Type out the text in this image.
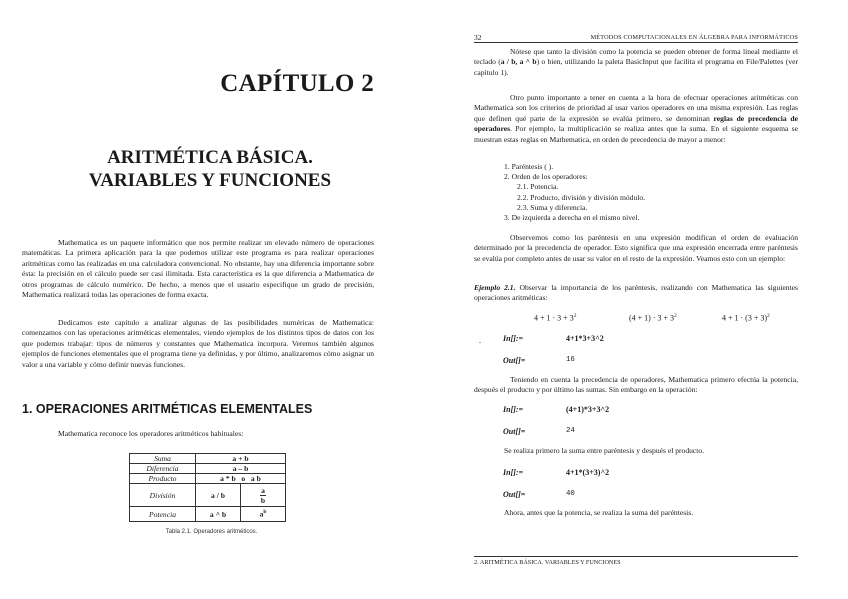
CAPÍTULO 2
ARITMÉTICA BÁSICA.
VARIABLES Y FUNCIONES

Mathematica es un paquete informático que nos permite realizar un elevado número de operaciones matemáticas. La primera aplicación para la que podemos utilizar este programa es para realizar operaciones aritméticas como las realizadas en una calculadora convencional. No obstante, hay una diferencia importante sobre ésta: la precisión en el cálculo puede ser casi ilimitada. Esta característica es la que diferencia a Mathematica de otros programas de cálculo numérico. De hecho, a menos que el usuario especifique un grado de precisión, Mathematica realizará todas las operaciones de forma exacta.

Dedicamos este capítulo a analizar algunas de las posibilidades numéricas de Mathematica: comenzamos con las operaciones aritméticas elementales, viendo ejemplos de los distintos tipos de datos con los que podemos trabajar: tipos de números y constantes que Mathematica incorpora. Veremos también algunos ejemplos de funciones elementales que el programa tiene ya definidas, y por último, analizaremos cómo asignar un valor a una variable y cómo definir nuevas funciones.

1. OPERACIONES ARITMÉTICAS ELEMENTALES
Mathematica reconoce los operadores aritméticos habituales:
Suma	a + b	
Diferencia	a – b	
Producto	a * b   o   a b	
División	a / b	$\frac{a}{b}$

Potencia	a ^ b	$a^b$
Tabla 2.1. Operadores aritméticos.
32	MÉTODOS COMPUTACIONALES EN ÁLGEBRA PARA INFORMÁTICOS

Nótese que tanto la división como la potencia se pueden obtener de forma lineal mediante el teclado (a / b, a ^ b) o bien, utilizando la paleta BasicInput que facilita el programa en File/Palettes (ver capítulo 1).

Otro punto importante a tener en cuenta a la hora de efectuar operaciones aritméticas con Mathematica son los criterios de prioridad al usar varios operadores en una misma expresión. Las reglas que definen qué parte de la expresión se evalúa primero, se denominan reglas de precedencia de operadores. Por ejemplo, la multiplicación se realiza antes que la suma. En el siguiente esquema se muestran estas reglas en Mathematica, en orden de precedencia de mayor a menor:

1. Paréntesis ( ).
2. Orden de los operadores:
2.1. Potencia.
2.2. Producto, división y división módulo.
2.3. Suma y diferencia.
3. De izquierda a derecha en el mismo nivel.

Observemos como los paréntesis en una expresión modifican el orden de evaluación determinado por la precedencia de operador. Esto significa que una expresión encerrada entre paréntesis se evalúa por completo antes de usar su valor en el resto de la expresión. Veamos esto con un ejemplo:

Ejemplo 2.1. Observar la importancia de los paréntesis, realizando con Mathematica las siguientes operaciones aritméticas:

$4 + 1 \cdot 3 + 3^2$	$(4 + 1) \cdot 3 + 3^2$	$4 + 1 \cdot (3 + 3)^2$
.	In[]:=	4+1*3+3^2
Out[]=	16

Teniendo en cuenta la precedencia de operadores, Mathematica primero efectúa la potencia, después el producto y por último las sumas. Sin embargo en la operación:

In[]:=	(4+1)*3+3^2
Out[]=	24

Se realiza primero la suma entre paréntesis y después el producto.

In[]:=	4+1*(3+3)^2
Out[]=	40

Ahora, antes que la potencia, se realiza la suma del paréntesis.

2. ARITMÉTICA BÁSICA. VARIABLES Y FUNCIONES
